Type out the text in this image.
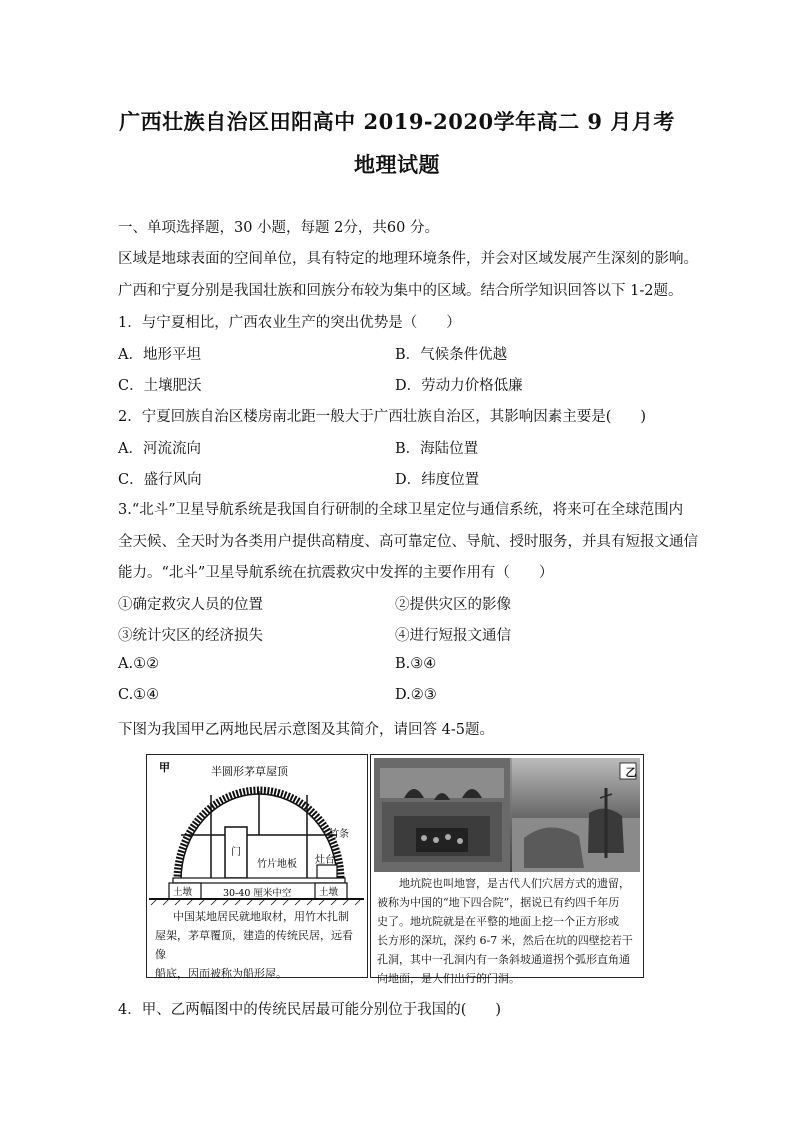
广西壮族自治区田阳高中 2019-2020学年高二 9 月月考
地理试题
一、单项选择题，30 小题，每题 2分，共60 分。
区域是地球表面的空间单位，具有特定的地理环境条件，并会对区域发展产生深刻的影响。
广西和宁夏分别是我国壮族和回族分布较为集中的区域。结合所学知识回答以下 1-2题。
1．与宁夏相比，广西农业生产的突出优势是（　　）
A．地形平坦	B．气候条件优越
C．土壤肥沃	D．劳动力价格低廉
2．宁夏回族自治区楼房南北距一般大于广西壮族自治区，其影响因素主要是(　　)
A．河流流向	B．海陆位置
C．盛行风向	D．纬度位置
3.“北斗”卫星导航系统是我国自行研制的全球卫星定位与通信系统，将来可在全球范围内
全天候、全天时为各类用户提供高精度、高可靠定位、导航、授时服务，并具有短报文通信
能力。“北斗”卫星导航系统在抗震救灾中发挥的主要作用有（　　）
①确定救灾人员的位置	②提供灾区的影像
③统计灾区的经济损失	④进行短报文通信
A.①②	B.③④
C.①④	D.②③
下图为我国甲乙两地民居示意图及其简介，请回答 4-5题。
甲	半圆形茅草屋顶
竹条
门
竹片地板 灶台
土墩	土墩
30-40 厘米中空
中国某地居民就地取材，用竹木扎制
屋架，茅草覆顶，建造的传统民居，远看像
船底，因而被称为船形屋。
乙
地坑院也叫地窨，是古代人们穴居方式的遗留，
被称为中国的“地下四合院”，据说已有约四千年历
史了。地坑院就是在平整的地面上挖一个正方形或
长方形的深坑，深约 6-7 米，然后在坑的四壁挖若干
孔洞，其中一孔洞内有一条斜坡通道拐个弧形直角通
向地面，是人们出行的门洞。
4．甲、乙两幅图中的传统民居最可能分别位于我国的(　　)
